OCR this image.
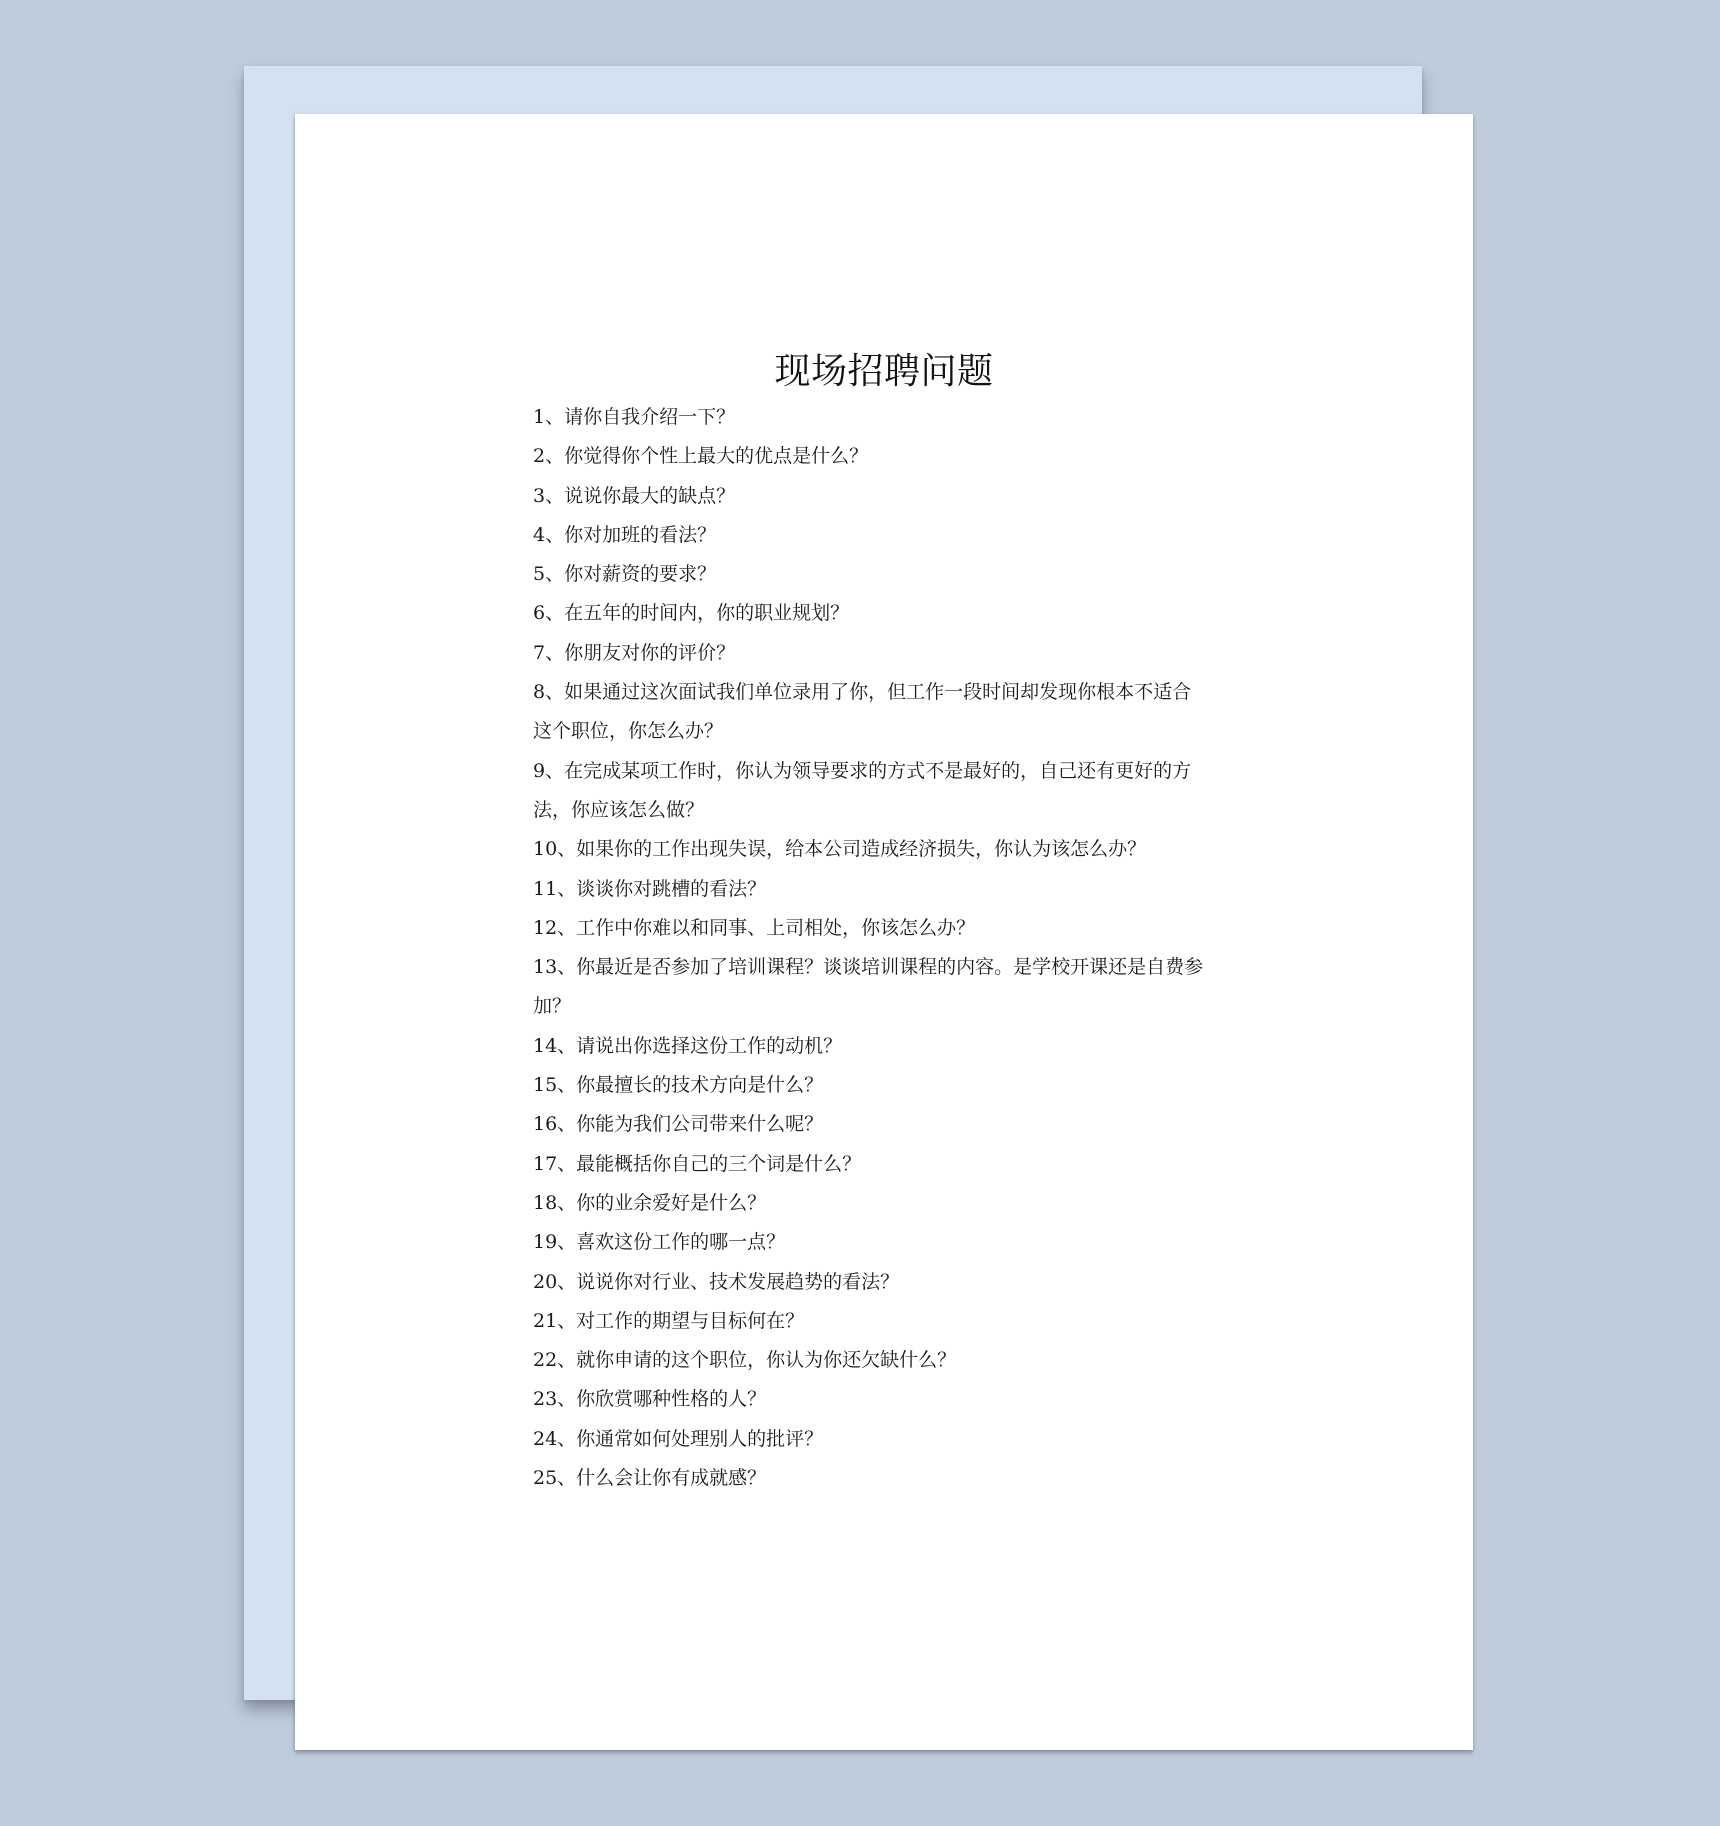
现场招聘问题
1、请你自我介绍一下？
2、你觉得你个性上最大的优点是什么？
3、说说你最大的缺点？
4、你对加班的看法？
5、你对薪资的要求？
6、在五年的时间内，你的职业规划？
7、你朋友对你的评价？
8、如果通过这次面试我们单位录用了你，但工作一段时间却发现你根本不适合
这个职位，你怎么办？
9、在完成某项工作时，你认为领导要求的方式不是最好的，自己还有更好的方
法，你应该怎么做？
10、如果你的工作出现失误，给本公司造成经济损失，你认为该怎么办？
11、谈谈你对跳槽的看法？
12、工作中你难以和同事、上司相处，你该怎么办？
13、你最近是否参加了培训课程？谈谈培训课程的内容。是学校开课还是自费参
加？
14、请说出你选择这份工作的动机？
15、你最擅长的技术方向是什么？
16、你能为我们公司带来什么呢？
17、最能概括你自己的三个词是什么？
18、你的业余爱好是什么？
19、喜欢这份工作的哪一点？
20、说说你对行业、技术发展趋势的看法？
21、对工作的期望与目标何在？
22、就你申请的这个职位，你认为你还欠缺什么？
23、你欣赏哪种性格的人？
24、你通常如何处理别人的批评？
25、什么会让你有成就感？
